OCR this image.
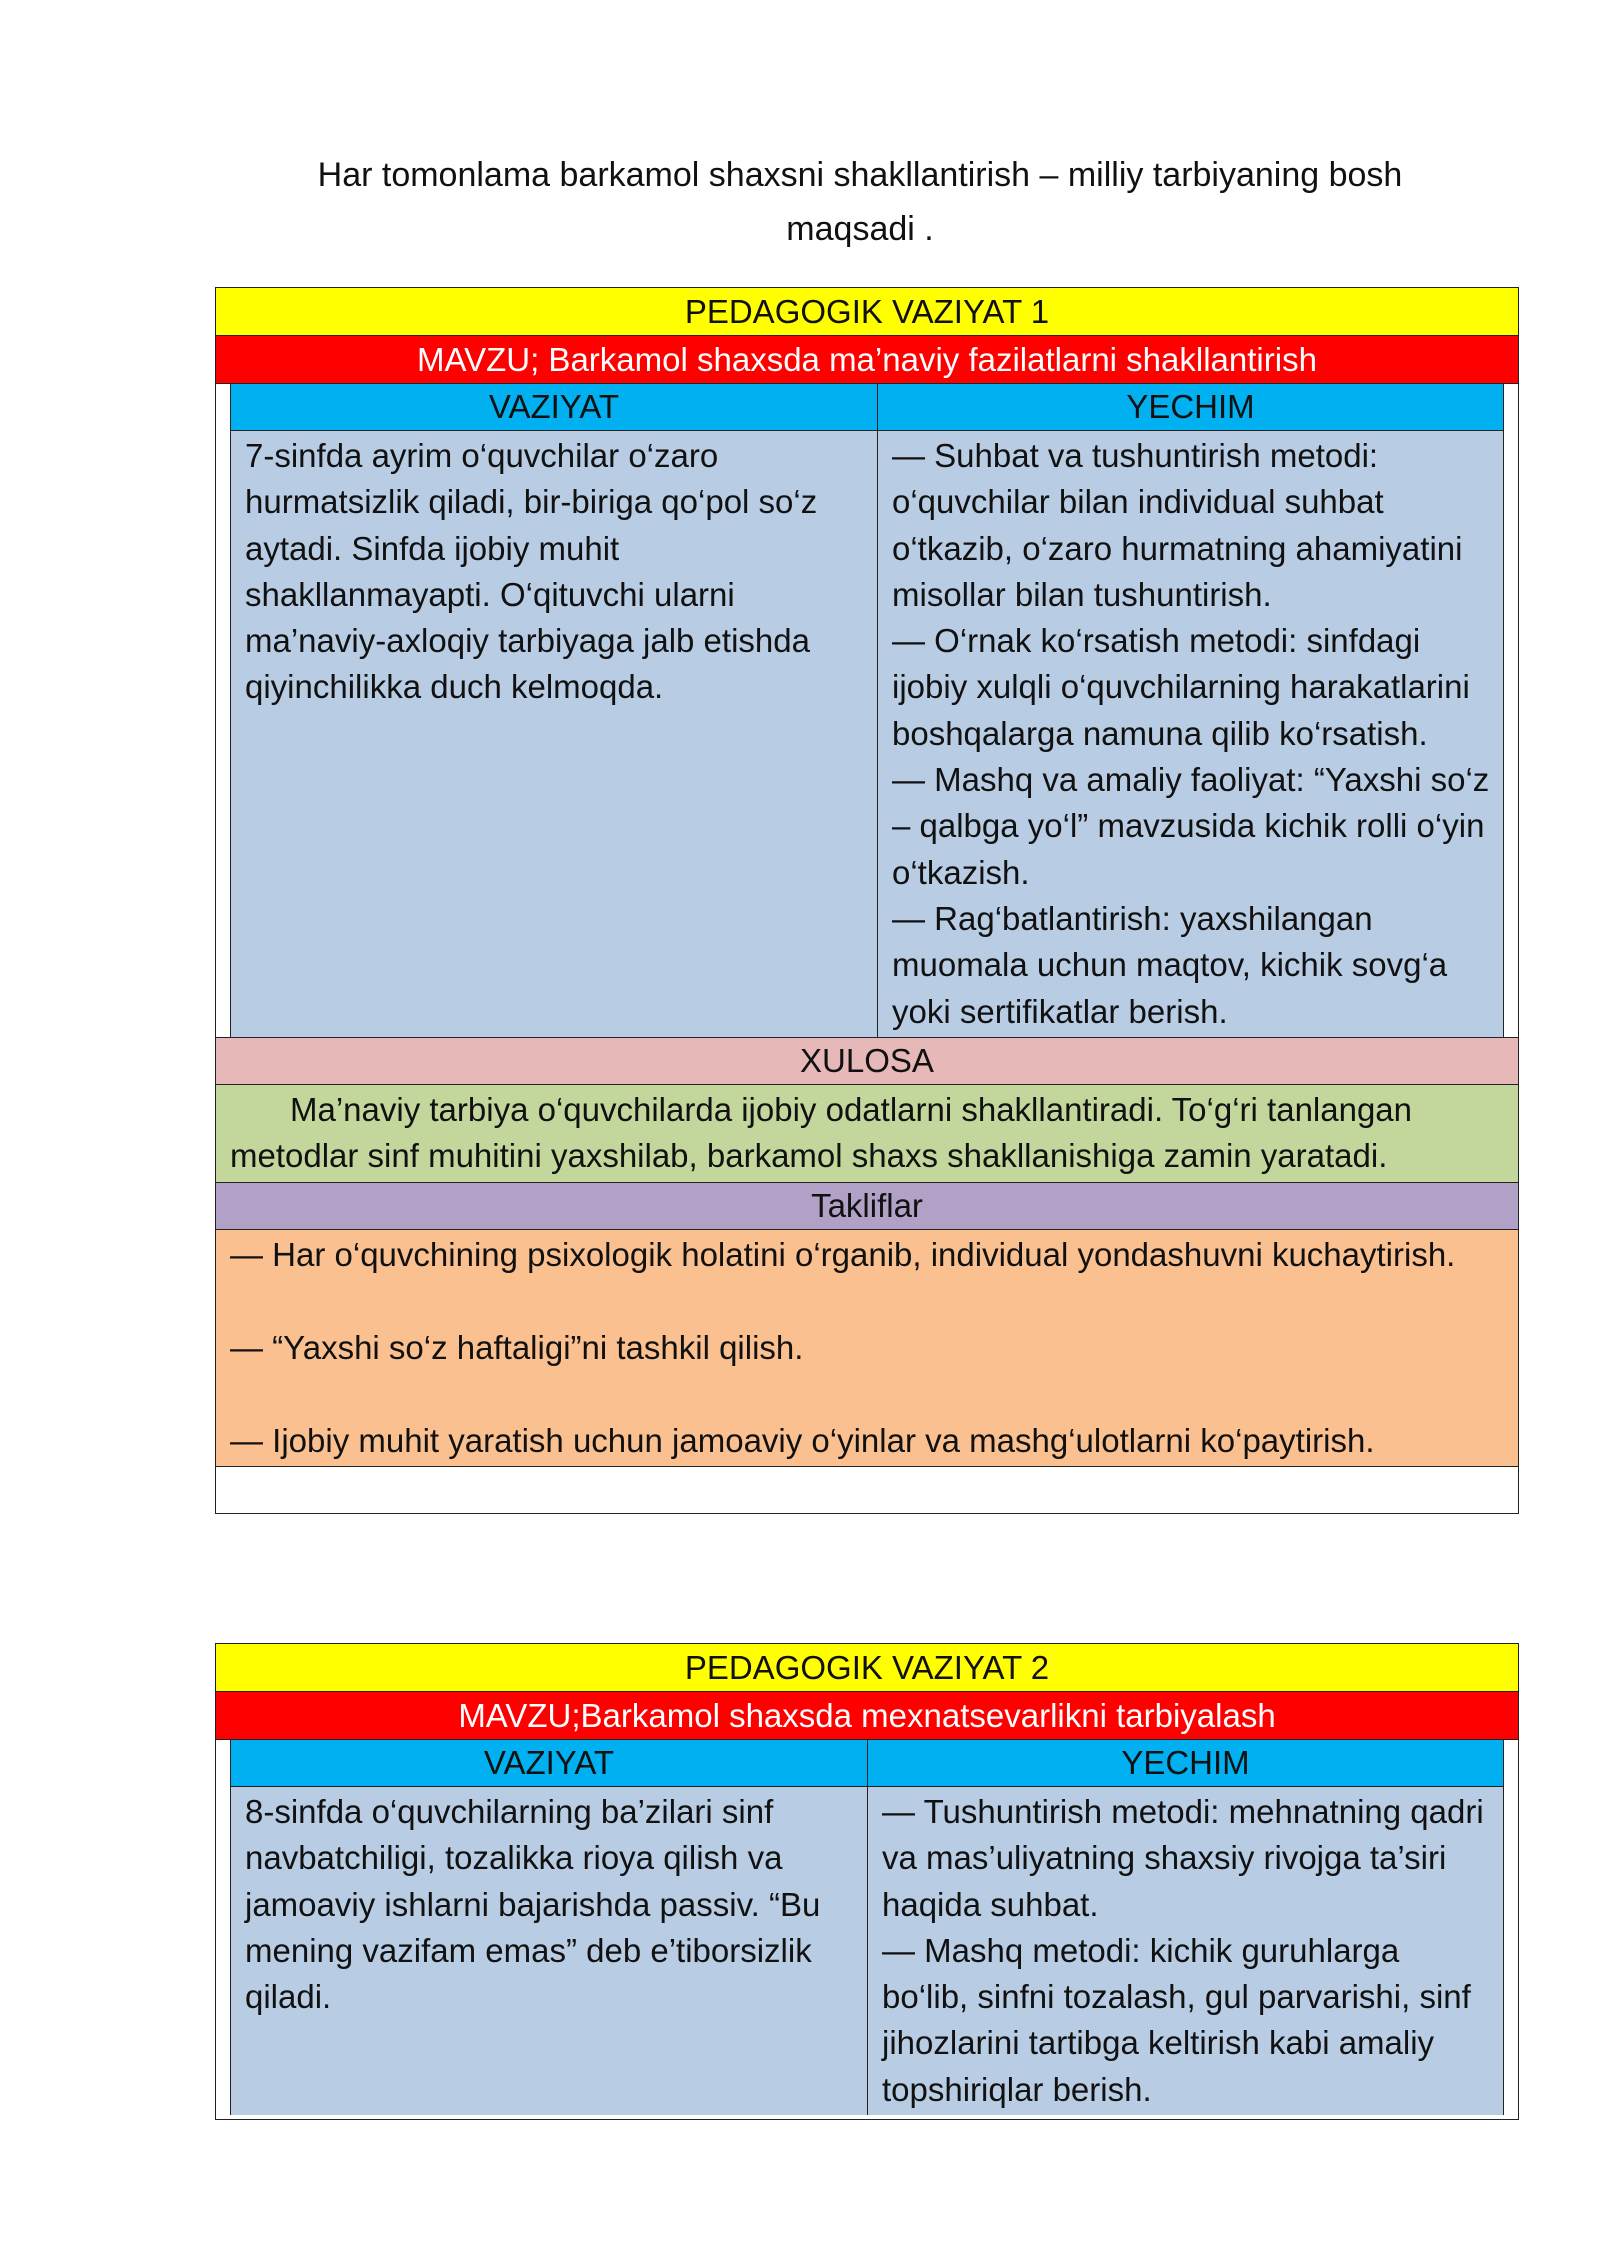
Har tomonlama barkamol shaxsni shakllantirish – milliy tarbiyaning bosh maqsadi .
PEDAGOGIK VAZIYAT 1
MAVZU; Barkamol shaxsda ma’naviy fazilatlarni shakllantirish
VAZIYAT	YECHIM
7-sinfda ayrim o‘quvchilar o‘zaro hurmatsizlik qiladi, bir-biriga qo‘pol so‘z aytadi. Sinfda ijobiy muhit shakllanmayapti. O‘qituvchi ularni ma’naviy-axloqiy tarbiyaga jalb etishda qiyinchilikka duch kelmoqda.
— Suhbat va tushuntirish metodi: o‘quvchilar bilan individual suhbat o‘tkazib, o‘zaro hurmatning ahamiyatini misollar bilan tushuntirish.
— O‘rnak ko‘rsatish metodi: sinfdagi ijobiy xulqli o‘quvchilarning harakatlarini boshqalarga namuna qilib ko‘rsatish.
— Mashq va amaliy faoliyat: “Yaxshi so‘z – qalbga yo‘l” mavzusida kichik rolli o‘yin o‘tkazish.
— Rag‘batlantirish: yaxshilangan muomala uchun maqtov, kichik sovg‘a yoki sertifikatlar berish.
XULOSA
Ma’naviy tarbiya o‘quvchilarda ijobiy odatlarni shakllantiradi. To‘g‘ri tanlangan metodlar sinf muhitini yaxshilab, barkamol shaxs shakllanishiga zamin yaratadi.
Takliflar

— Har o‘quvchining psixologik holatini o‘rganib, individual yondashuvni kuchaytirish.

— “Yaxshi so‘z haftaligi”ni tashkil qilish.

— Ijobiy muhit yaratish uchun jamoaviy o‘yinlar va mashg‘ulotlarni ko‘paytirish.

PEDAGOGIK VAZIYAT 2
MAVZU;Barkamol shaxsda mexnatsevarlikni tarbiyalash
VAZIYAT	YECHIM
8-sinfda o‘quvchilarning ba’zilari sinf navbatchiligi, tozalikka rioya qilish va jamoaviy ishlarni bajarishda passiv. “Bu mening vazifam emas” deb e’tiborsizlik qiladi.
— Tushuntirish metodi: mehnatning qadri va mas’uliyatning shaxsiy rivojga ta’siri haqida suhbat.
— Mashq metodi: kichik guruhlarga bo‘lib, sinfni tozalash, gul parvarishi, sinf jihozlarini tartibga keltirish kabi amaliy topshiriqlar berish.
